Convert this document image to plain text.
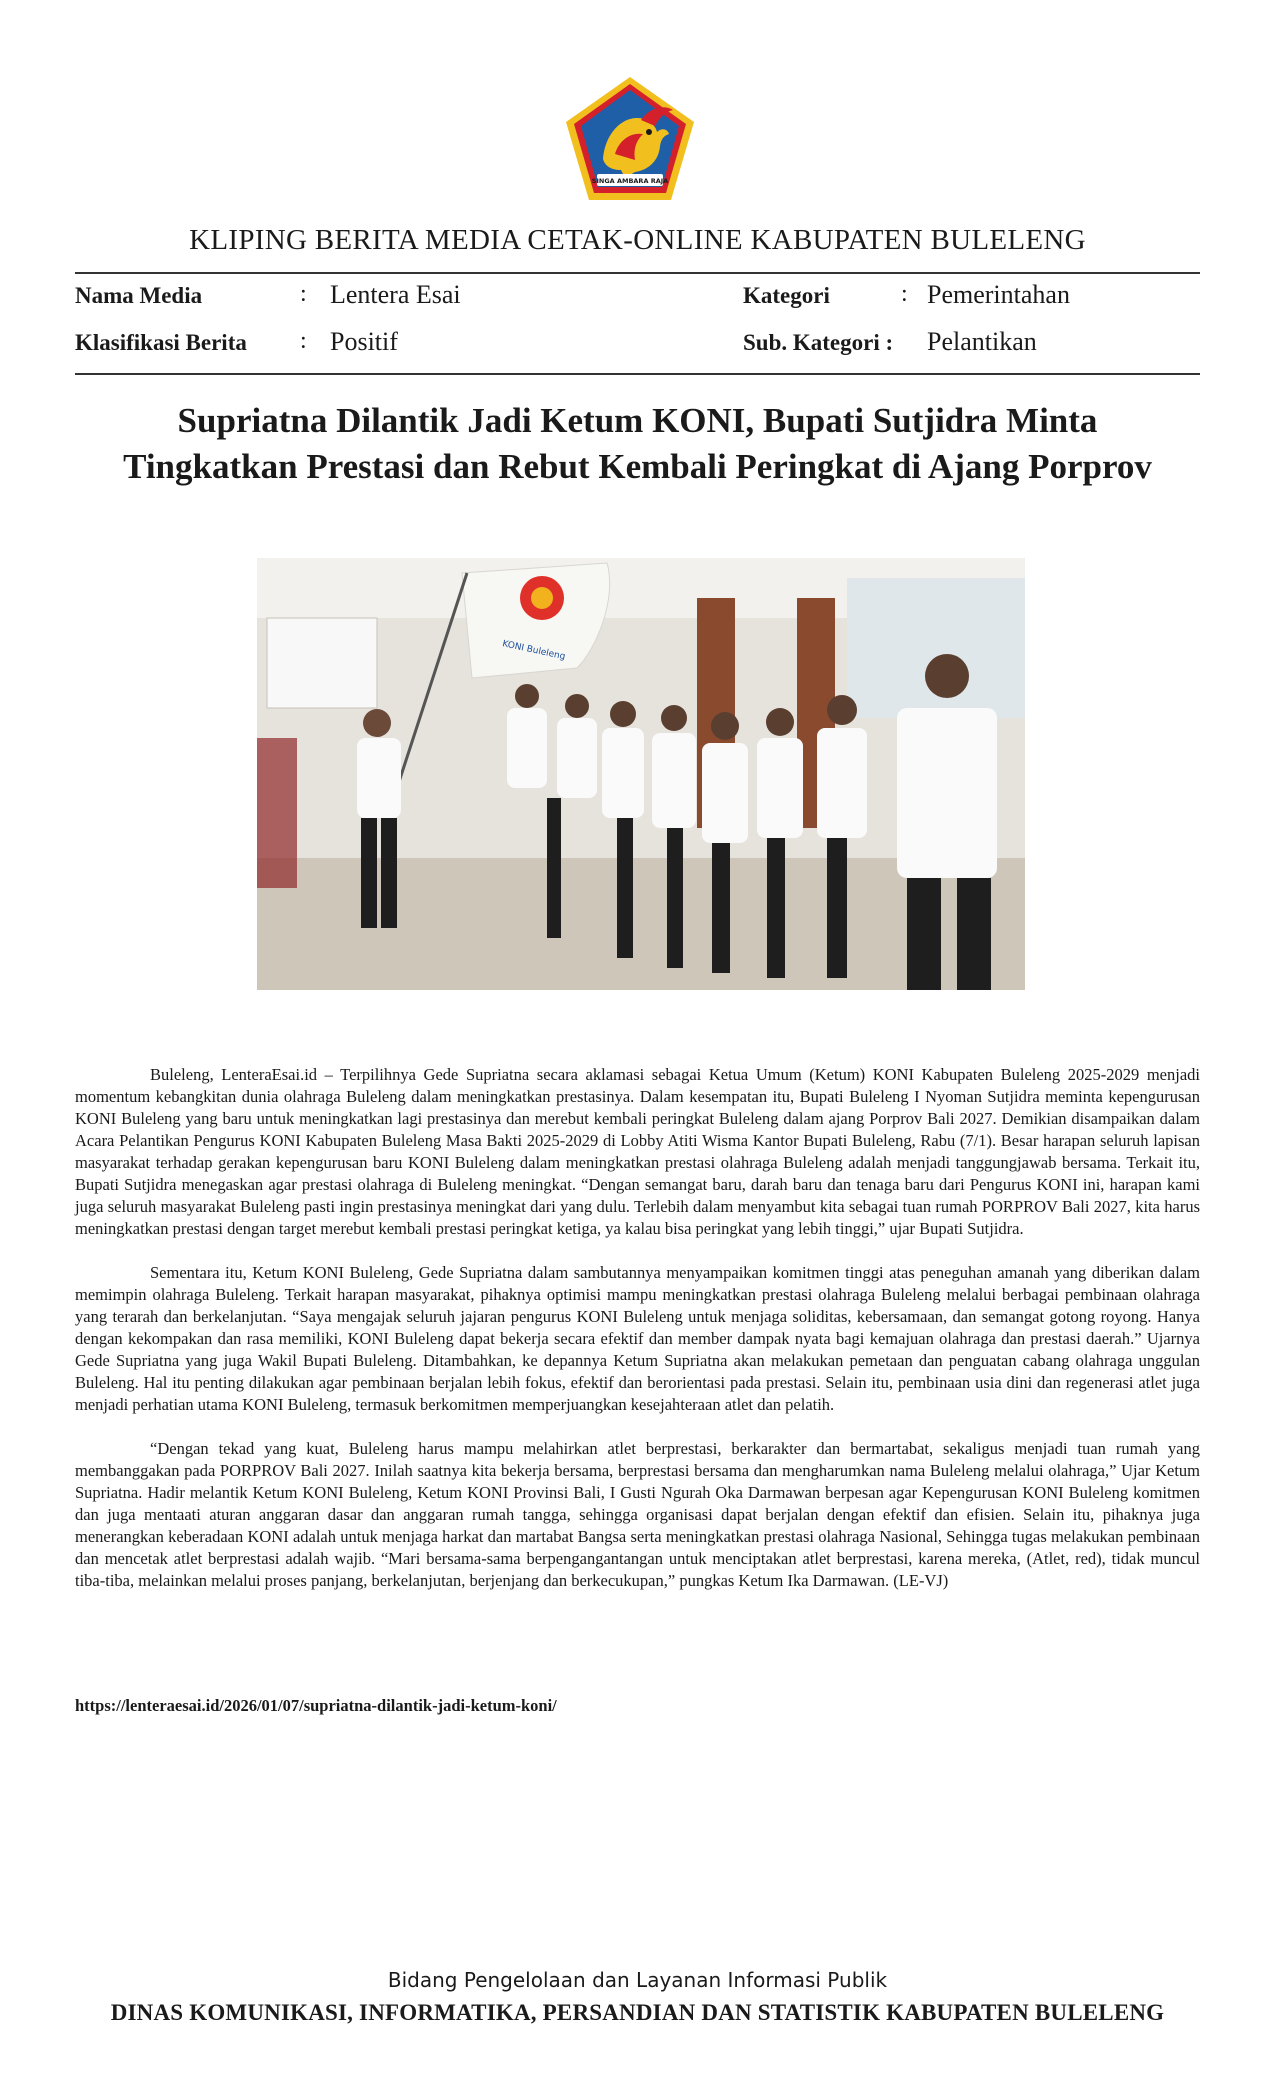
SINGA AMBARA RAJA
KLIPING BERITA MEDIA CETAK-ONLINE KABUPATEN BULELENG
Nama Media	: Lentera Esai	Kategori	: Pemerintahan
Klasifikasi Berita : Positif	Sub. Kategori : Pelantikan
Supriatna Dilantik Jadi Ketum KONI, Bupati Sutjidra Minta
Tingkatkan Prestasi dan Rebut Kembali Peringkat di Ajang Porprov
KONI Buleleng

Buleleng, LenteraEsai.id – Terpilihnya Gede Supriatna secara aklamasi sebagai Ketua Umum (Ketum) KONI Kabupaten Buleleng 2025-2029 menjadi momentum kebangkitan dunia olahraga Buleleng dalam meningkatkan prestasinya. Dalam kesempatan itu, Bupati Buleleng I Nyoman Sutjidra meminta kepengurusan KONI Buleleng yang baru untuk meningkatkan lagi prestasinya dan merebut kembali peringkat Buleleng dalam ajang Porprov Bali 2027. Demikian disampaikan dalam Acara Pelantikan Pengurus KONI Kabupaten Buleleng Masa Bakti 2025-2029 di Lobby Atiti Wisma Kantor Bupati Buleleng, Rabu (7/1). Besar harapan seluruh lapisan masyarakat terhadap gerakan kepengurusan baru KONI Buleleng dalam meningkatkan prestasi olahraga Buleleng adalah menjadi tanggungjawab bersama. Terkait itu, Bupati Sutjidra menegaskan agar prestasi olahraga di Buleleng meningkat. “Dengan semangat baru, darah baru dan tenaga baru dari Pengurus KONI ini, harapan kami juga seluruh masyarakat Buleleng pasti ingin prestasinya meningkat dari yang dulu. Terlebih dalam menyambut kita sebagai tuan rumah PORPROV Bali 2027, kita harus meningkatkan prestasi dengan target merebut kembali prestasi peringkat ketiga, ya kalau bisa peringkat yang lebih tinggi,” ujar Bupati Sutjidra.

Sementara itu, Ketum KONI Buleleng, Gede Supriatna dalam sambutannya menyampaikan komitmen tinggi atas peneguhan amanah yang diberikan dalam memimpin olahraga Buleleng. Terkait harapan masyarakat, pihaknya optimisi mampu meningkatkan prestasi olahraga Buleleng melalui berbagai pembinaan olahraga yang terarah dan berkelanjutan. “Saya mengajak seluruh jajaran pengurus KONI Buleleng untuk menjaga soliditas, kebersamaan, dan semangat gotong royong. Hanya dengan kekompakan dan rasa memiliki, KONI Buleleng dapat bekerja secara efektif dan member dampak nyata bagi kemajuan olahraga dan prestasi daerah.” Ujarnya Gede Supriatna yang juga Wakil Bupati Buleleng. Ditambahkan, ke depannya Ketum Supriatna akan melakukan pemetaan dan penguatan cabang olahraga unggulan Buleleng. Hal itu penting dilakukan agar pembinaan berjalan lebih fokus, efektif dan berorientasi pada prestasi. Selain itu, pembinaan usia dini dan regenerasi atlet juga menjadi perhatian utama KONI Buleleng, termasuk berkomitmen memperjuangkan kesejahteraan atlet dan pelatih.

“Dengan tekad yang kuat, Buleleng harus mampu melahirkan atlet berprestasi, berkarakter dan bermartabat, sekaligus menjadi tuan rumah yang membanggakan pada PORPROV Bali 2027. Inilah saatnya kita bekerja bersama, berprestasi bersama dan mengharumkan nama Buleleng melalui olahraga,” Ujar Ketum Supriatna. Hadir melantik Ketum KONI Buleleng, Ketum KONI Provinsi Bali, I Gusti Ngurah Oka Darmawan berpesan agar Kepengurusan KONI Buleleng komitmen dan juga mentaati aturan anggaran dasar dan anggaran rumah tangga, sehingga organisasi dapat berjalan dengan efektif dan efisien. Selain itu, pihaknya juga menerangkan keberadaan KONI adalah untuk menjaga harkat dan martabat Bangsa serta meningkatkan prestasi olahraga Nasional, Sehingga tugas melakukan pembinaan dan mencetak atlet berprestasi adalah wajib. “Mari bersama-sama berpengangantangan untuk menciptakan atlet berprestasi, karena mereka, (Atlet, red), tidak muncul tiba-tiba, melainkan melalui proses panjang, berkelanjutan, berjenjang dan berkecukupan,” pungkas Ketum Ika Darmawan. (LE-VJ)

https://lenteraesai.id/2026/01/07/supriatna-dilantik-jadi-ketum-koni/
Bidang Pengelolaan dan Layanan Informasi Publik
DINAS KOMUNIKASI, INFORMATIKA, PERSANDIAN DAN STATISTIK KABUPATEN BULELENG
